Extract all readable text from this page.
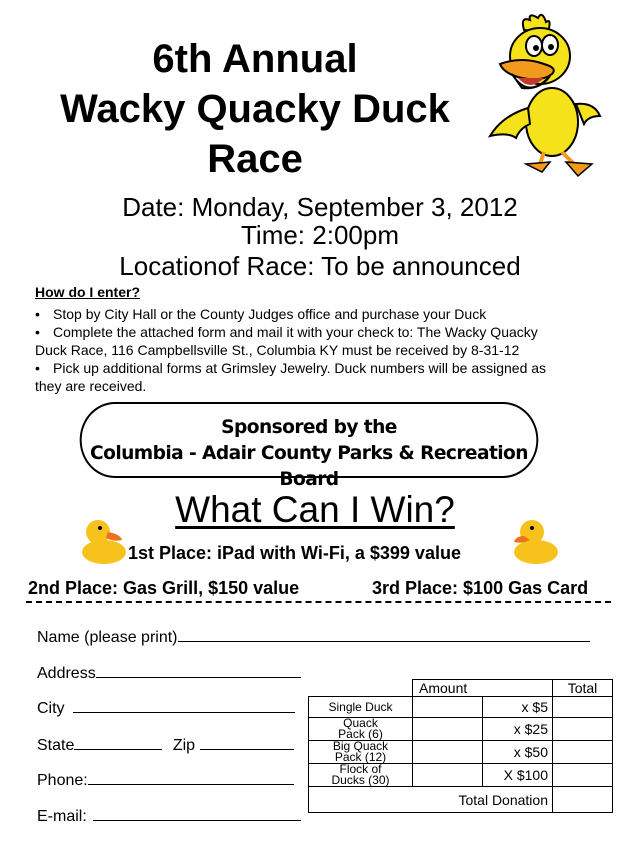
6th Annual
Wacky Quacky Duck
Race
Date: Monday, September 3, 2012
Time: 2:00pm
Locationof Race: To be announced
How do I enter?
• Stop by City Hall or the County Judges office and purchase your Duck
• Complete the attached form and mail it with your check to: The Wacky Quacky
Duck Race, 116 Campbellsville St., Columbia KY must be received by 8-31-12
• Pick up additional forms at Grimsley Jewelry. Duck numbers will be assigned as
they are received.
Sponsored by the
Columbia - Adair County Parks & Recreation Board
What Can I Win?
1st Place: iPad with Wi-Fi, a $399 value
2nd Place: Gas Grill, $150 value	3rd Place: $100 Gas Card
Name (please print)
Address
City
State	Zip
Phone:
E-mail:
	Amount		Total
Single Duck		x $5	

Quack
Pack (6)		x $25	

Big Quack
Pack (12)		x $50	

Flock of
Ducks (30)		X $100	
Total Donation			
